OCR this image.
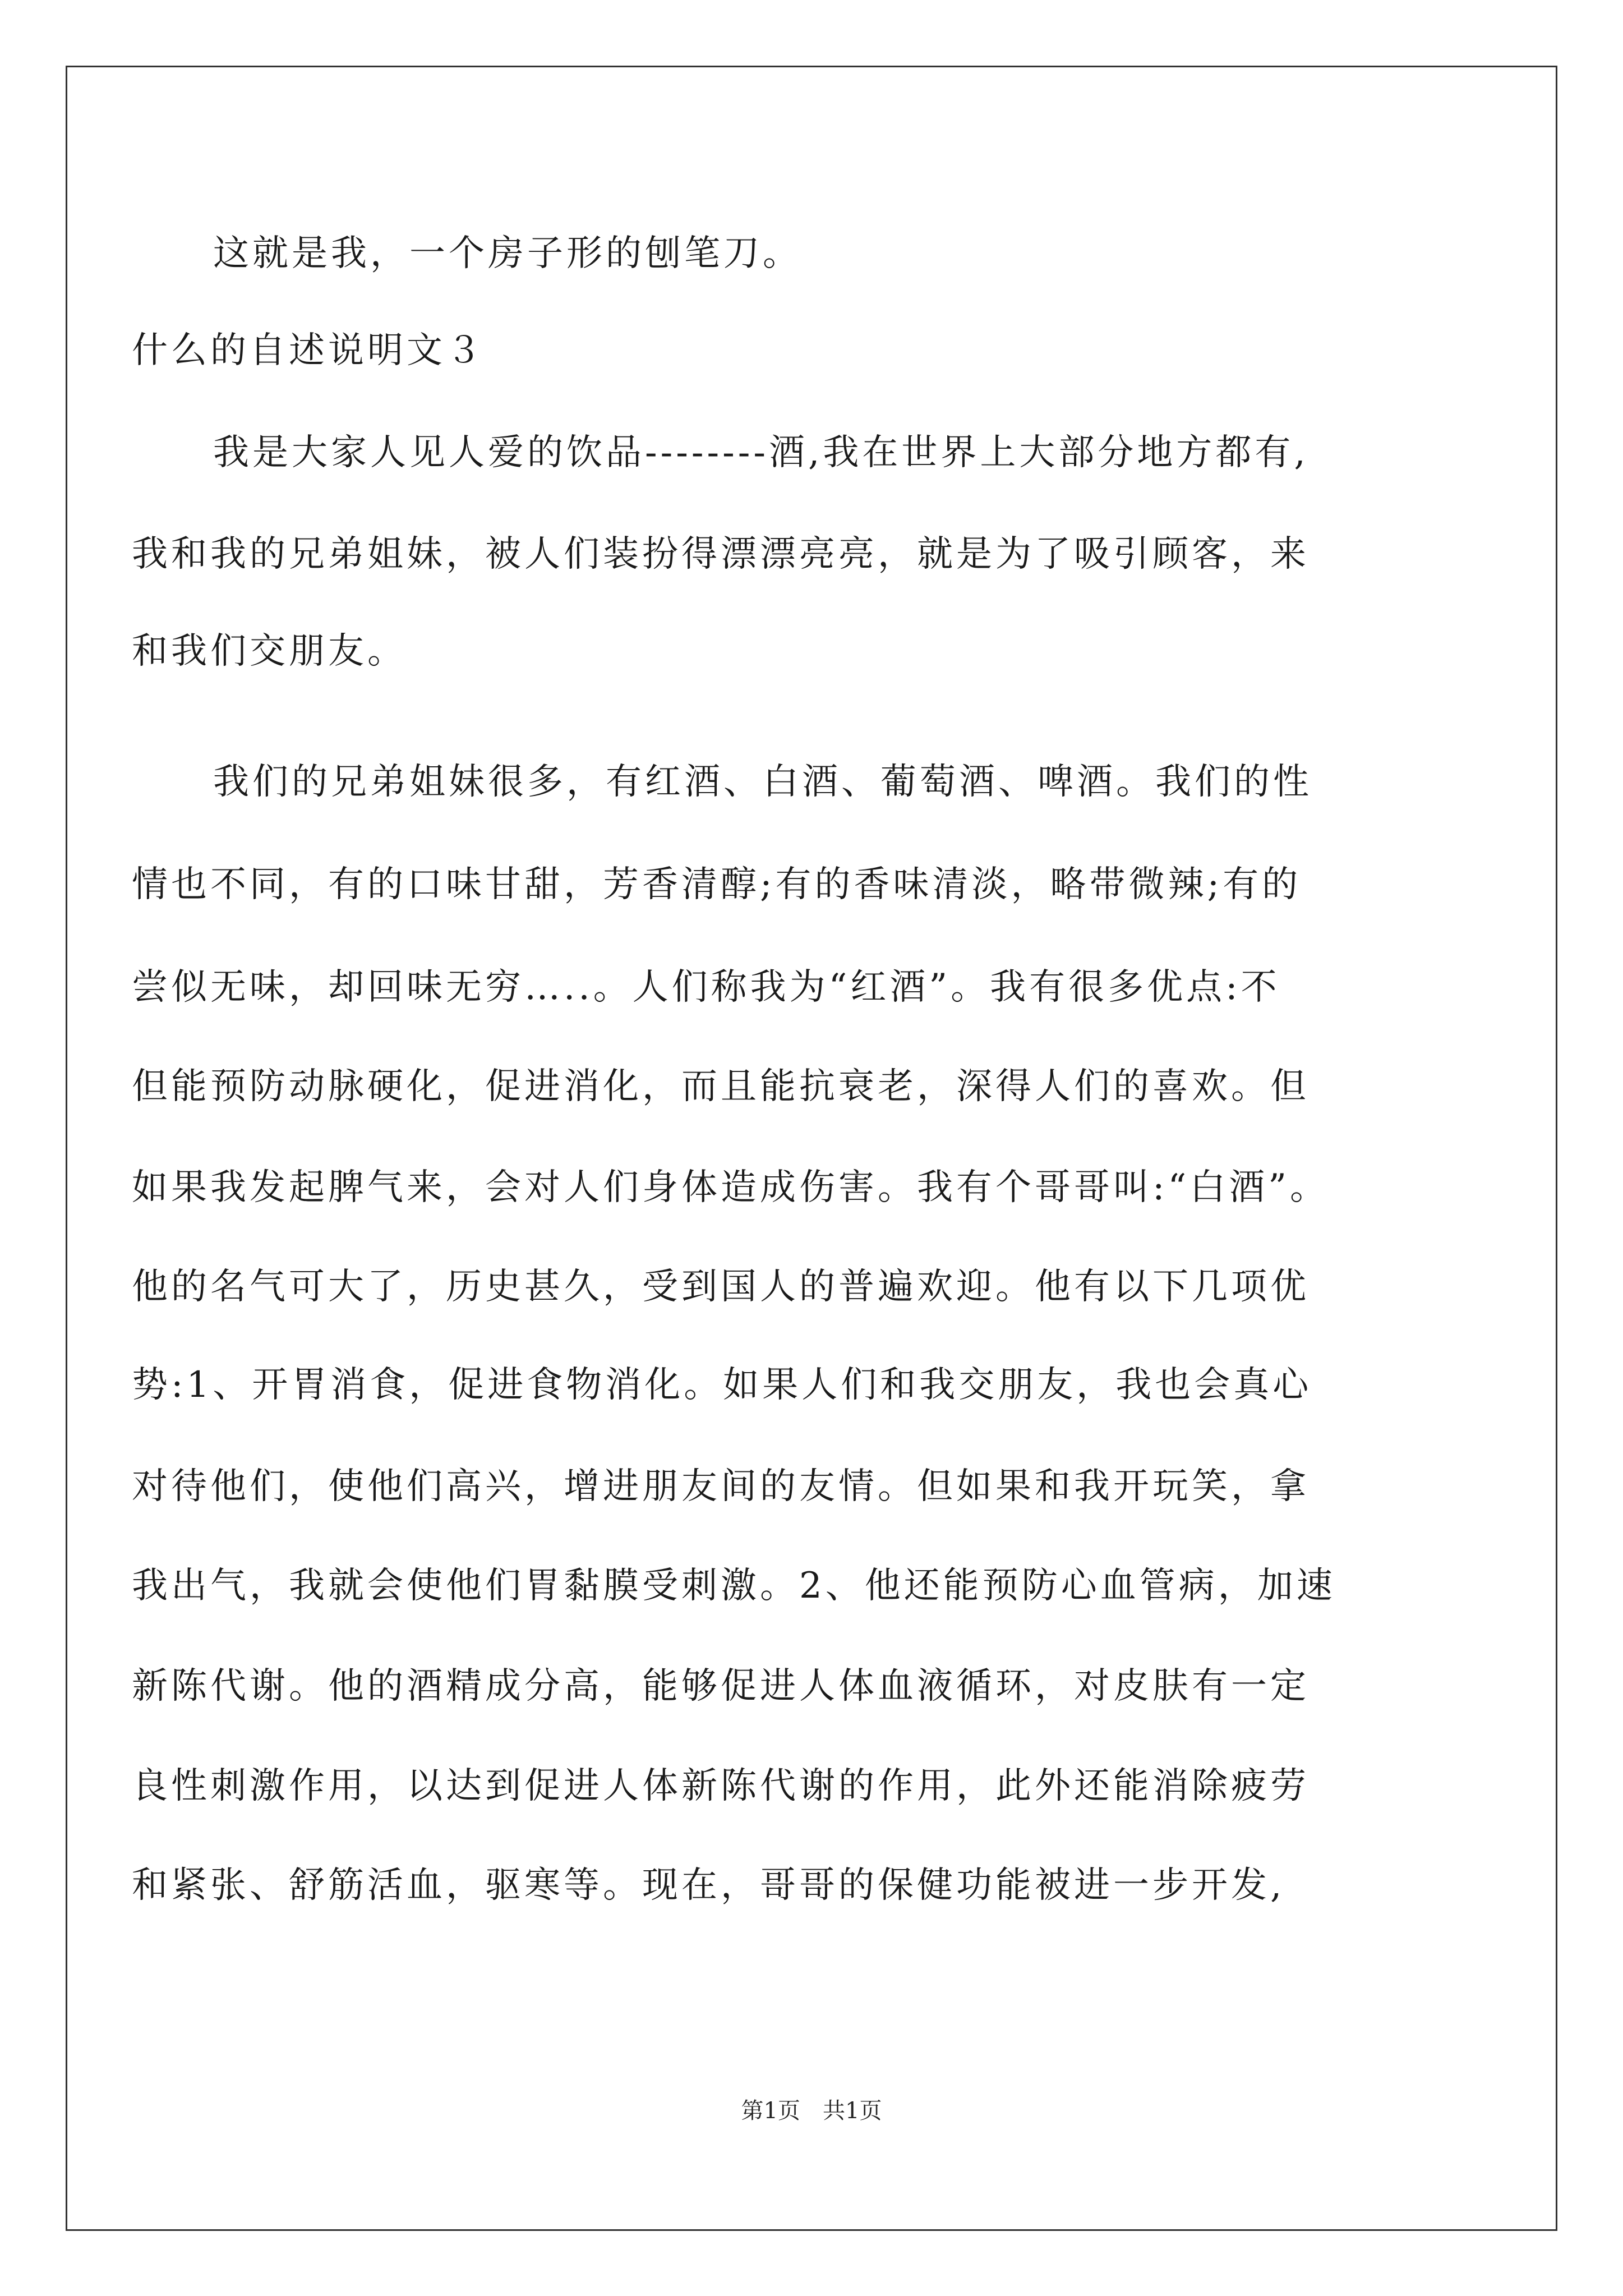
这就是我，一个房子形的刨笔刀。
什么的自述说明文３
我是大家人见人爱的饮品--------酒,我在世界上大部分地方都有,
我和我的兄弟姐妹，被人们装扮得漂漂亮亮，就是为了吸引顾客，来
和我们交朋友。
我们的兄弟姐妹很多，有红酒、白酒、葡萄酒、啤酒。我们的性
情也不同，有的口味甘甜，芳香清醇;有的香味清淡，略带微辣;有的
尝似无味，却回味无穷…..。人们称我为“红酒”。我有很多优点:不
但能预防动脉硬化，促进消化，而且能抗衰老，深得人们的喜欢。但
如果我发起脾气来，会对人们身体造成伤害。我有个哥哥叫:“白酒”。
他的名气可大了，历史甚久，受到国人的普遍欢迎。他有以下几项优
势:1、开胃消食，促进食物消化。如果人们和我交朋友，我也会真心
对待他们，使他们高兴，增进朋友间的友情。但如果和我开玩笑，拿
我出气，我就会使他们胃黏膜受刺激。2、他还能预防心血管病，加速
新陈代谢。他的酒精成分高，能够促进人体血液循环，对皮肤有一定
良性刺激作用，以达到促进人体新陈代谢的作用，此外还能消除疲劳
和紧张、舒筋活血，驱寒等。现在，哥哥的保健功能被进一步开发,
第1页　共1页
